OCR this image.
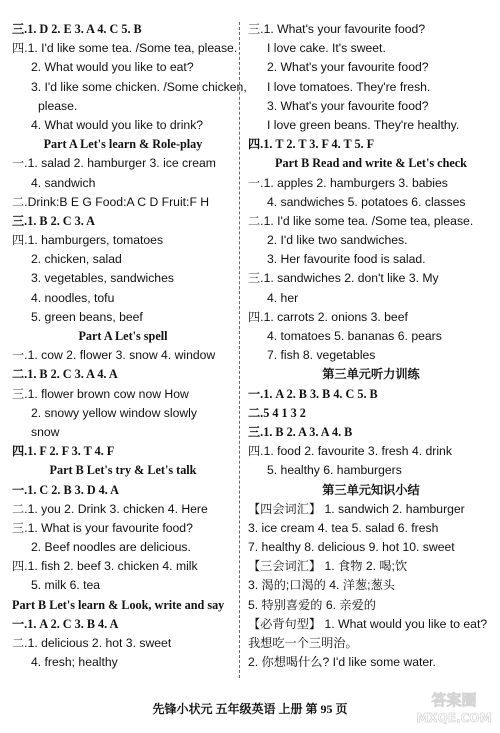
三.1. D 2. E 3. A 4. C 5. B
四.1. I'd like some tea. /Some tea, please.
2. What would you like to eat?
3. I'd like some chicken. /Some chicken,
please.
4. What would you like to drink?
Part A Let's learn & Role-play
一.1. salad 2. hamburger 3. ice cream
4. sandwich
二.Drink:B E G Food:A C D Fruit:F H
三.1. B 2. C 3. A
四.1. hamburgers, tomatoes
2. chicken, salad
3. vegetables, sandwiches
4. noodles, tofu
5. green beans, beef
Part A Let's spell
一.1. cow 2. flower 3. snow 4. window
二.1. B 2. C 3. A 4. A
三.1. flower brown cow now How
2. snowy yellow window slowly
snow
四.1. F 2. F 3. T 4. F
Part B Let's try & Let's talk
一.1. C 2. B 3. D 4. A
二.1. you 2. Drink 3. chicken 4. Here
三.1. What is your favourite food?
2. Beef noodles are delicious.
四.1. fish 2. beef 3. chicken 4. milk
5. milk 6. tea
Part B Let's learn & Look, write and say
一.1. A 2. C 3. B 4. A
二.1. delicious 2. hot 3. sweet
4. fresh; healthy
三.1. What's your favourite food?
I love cake. It's sweet.
2. What's your favourite food?
I love tomatoes. They're fresh.
3. What's your favourite food?
I love green beans. They're healthy.
四.1. T 2. T 3. F 4. T 5. F
Part B Read and write & Let's check
一.1. apples 2. hamburgers 3. babies
4. sandwiches 5. potatoes 6. classes
二.1. I'd like some tea. /Some tea, please.
2. I'd like two sandwiches.
3. Her favourite food is salad.
三.1. sandwiches 2. don't like 3. My
4. her
四.1. carrots 2. onions 3. beef
4. tomatoes 5. bananas 6. pears
7. fish 8. vegetables
第三单元听力训练
一.1. A 2. B 3. B 4. C 5. B
二.5 4 1 3 2
三.1. B 2. A 3. A 4. B
四.1. food 2. favourite 3. fresh 4. drink
5. healthy 6. hamburgers
第三单元知识小结
【四会词汇】 1. sandwich 2. hamburger
3. ice cream 4. tea 5. salad 6. fresh
7. healthy 8. delicious 9. hot 10. sweet
【三会词汇】 1. 食物 2. 喝;饮
3. 渴的;口渴的 4. 洋葱;葱头
5. 特别喜爱的 6. 亲爱的
【必背句型】 1. What would you like to eat?
我想吃一个三明治。
2. 你想喝什么? I'd like some water.
先锋小状元 五年级英语 上册 第 95 页	答案圈
MXQE.COM
